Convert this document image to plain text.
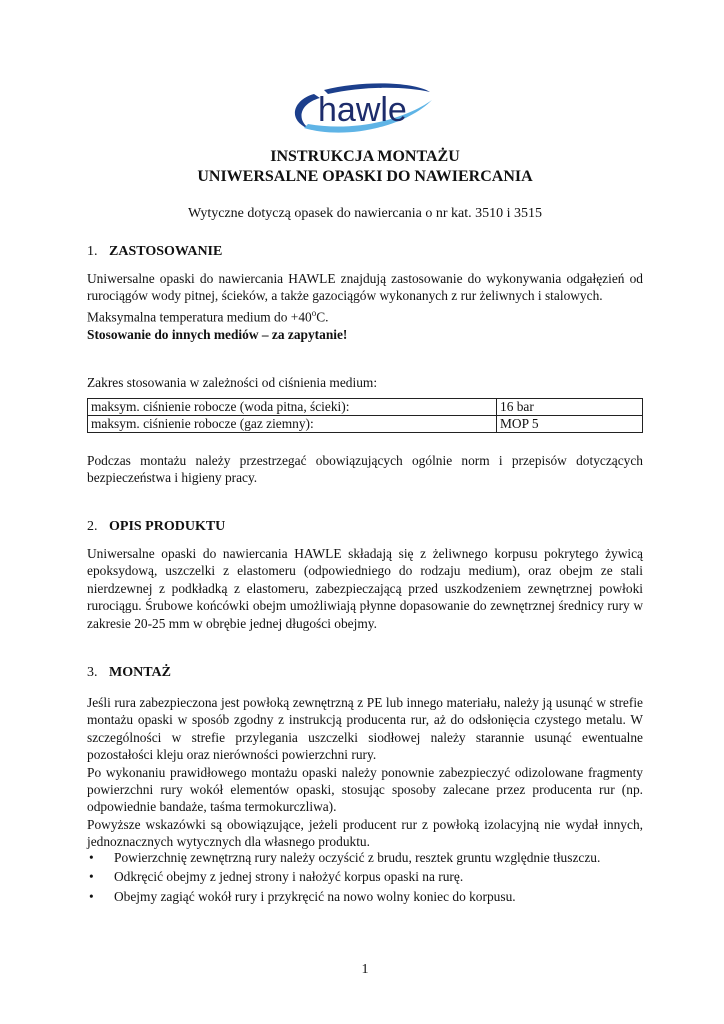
hawle
INSTRUKCJA MONTAŻU
UNIWERSALNE OPASKI DO NAWIERCANIA
Wytyczne dotyczą opasek do nawiercania o nr kat. 3510 i 3515
1. ZASTOSOWANIE

Uniwersalne opaski do nawiercania HAWLE znajdują zastosowanie do wykonywania odgałęzień od rurociągów wody pitnej, ścieków, a także gazociągów wykonanych z rur żeliwnych i stalowych.

Maksymalna temperatura medium do $+40^oC$.

Stosowanie do innych mediów – za zapytanie!

Zakres stosowania w zależności od ciśnienia medium:
maksym. ciśnienie robocze (woda pitna, ścieki):	16 bar
maksym. ciśnienie robocze (gaz ziemny):	MOP 5
Podczas montażu należy przestrzegać obowiązujących ogólnie norm i przepisów dotyczących bezpieczeństwa i higieny pracy.
2. OPIS PRODUKTU
Uniwersalne opaski do nawiercania HAWLE składają się z żeliwnego korpusu pokrytego żywicą epoksydową, uszczelki z elastomeru (odpowiedniego do rodzaju medium), oraz obejm ze stali nierdzewnej z podkładką z elastomeru, zabezpieczającą przed uszkodzeniem zewnętrznej powłoki rurociągu. Śrubowe końcówki obejm umożliwiają płynne dopasowanie do zewnętrznej średnicy rury w zakresie 20-25 mm w obrębie jednej długości obejmy.
3. MONTAŻ

Jeśli rura zabezpieczona jest powłoką zewnętrzną z PE lub innego materiału, należy ją usunąć w strefie montażu opaski w sposób zgodny z instrukcją producenta rur, aż do odsłonięcia czystego metalu. W szczególności w strefie przylegania uszczelki siodłowej należy starannie usunąć ewentualne pozostałości kleju oraz nierówności powierzchni rury.

Po wykonaniu prawidłowego montażu opaski należy ponownie zabezpieczyć odizolowane fragmenty powierzchni rury wokół elementów opaski, stosując sposoby zalecane przez producenta rur (np. odpowiednie bandaże, taśma termokurczliwa).

Powyższe wskazówki są obowiązujące, jeżeli producent rur z powłoką izolacyjną nie wydał innych, jednoznacznych wytycznych dla własnego produktu.

• Powierzchnię zewnętrzną rury należy oczyścić z brudu, resztek gruntu względnie tłuszczu.
• Odkręcić obejmy z jednej strony i nałożyć korpus opaski na rurę.
• Obejmy zagiąć wokół rury i przykręcić na nowo wolny koniec do korpusu.
1
